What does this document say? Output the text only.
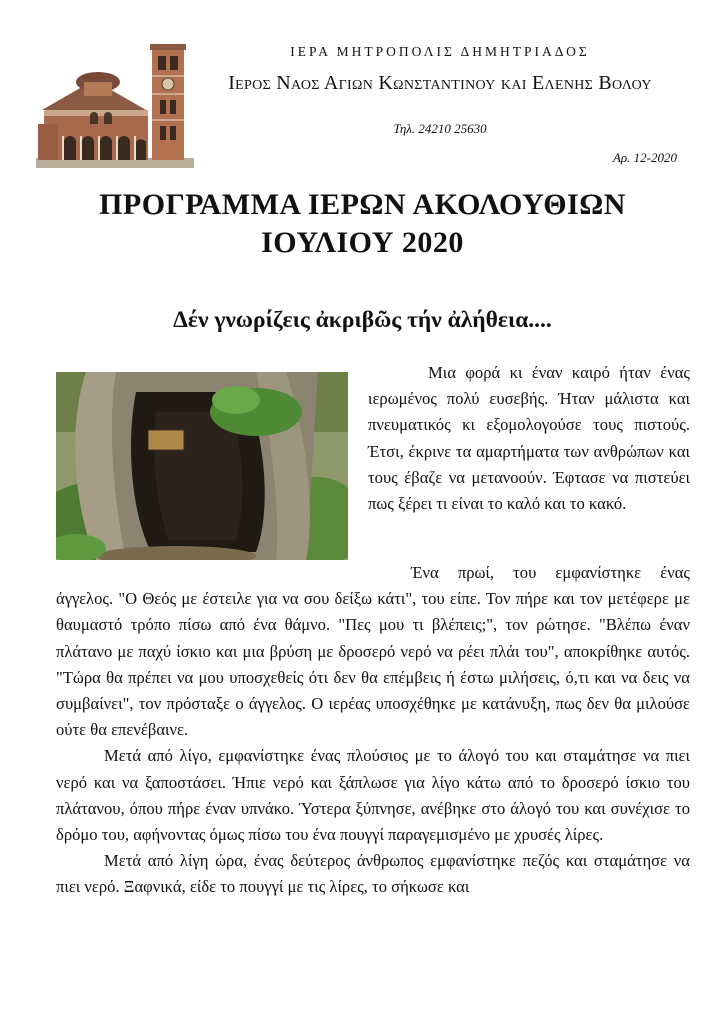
ΙΕΡΑ ΜΗΤΡΟΠΟΛΙΣ ΔΗΜΗΤΡΙΑΔΟΣ
Ιερος Ναος Αγιων Κωνσταντινου και Ελενης Βολου
Τηλ. 24210 25630
Αρ. 12-2020
ΠΡΟΓΡΑΜΜΑ ΙΕΡΩΝ ΑΚΟΛΟΥΘΙΩΝ
ΙΟΥΛΙΟΥ 2020
Δέν γνωρίζεις ἀκριβῶς τήν ἀλήθεια....

Μια φορά κι έναν καιρό ήταν ένας ιερωμένος πολύ ευσεβής. Ήταν μάλιστα και πνευματικός κι εξομολογούσε τους πιστούς. Έτσι, έκρινε τα αμαρτήματα των ανθρώπων και τους έβαζε να μετανοούν. Έφτασε να πιστεύει πως ξέρει τι είναι το καλό και το κακό.

Ένα πρωί, του εμφανίστηκε ένας άγγελος. "Ο Θεός με έστειλε για να σου δείξω κάτι", του είπε. Τον πήρε και τον μετέφερε με θαυμαστό τρόπο πίσω από ένα θάμνο. "Πες μου τι βλέπεις;", τον ρώτησε. "Βλέπω έναν πλάτανο με παχύ ίσκιο και μια βρύση με δροσερό νερό να ρέει πλάι του", αποκρίθηκε αυτός. "Τώρα θα πρέπει να μου υποσχεθείς ότι δεν θα επέμβεις ή έστω μιλήσεις, ό,τι και να δεις να συμβαίνει", τον πρόσταξε ο άγγελος. Ο ιερέας υποσχέθηκε με κατάνυξη, πως δεν θα μιλούσε ούτε θα επενέβαινε.

Μετά από λίγο, εμφανίστηκε ένας πλούσιος με το άλογό του και σταμάτησε να πιει νερό και να ξαποστάσει. Ήπιε νερό και ξάπλωσε για λίγο κάτω από το δροσερό ίσκιο του πλάτανου, όπου πήρε έναν υπνάκο. Ύστερα ξύπνησε, ανέβηκε στο άλογό του και συνέχισε το δρόμο του, αφήνοντας όμως πίσω του ένα πουγγί παραγεμισμένο με χρυσές λίρες.

Μετά από λίγη ώρα, ένας δεύτερος άνθρωπος εμφανίστηκε πεζός και σταμάτησε να πιει νερό. Ξαφνικά, είδε το πουγγί με τις λίρες, το σήκωσε και
